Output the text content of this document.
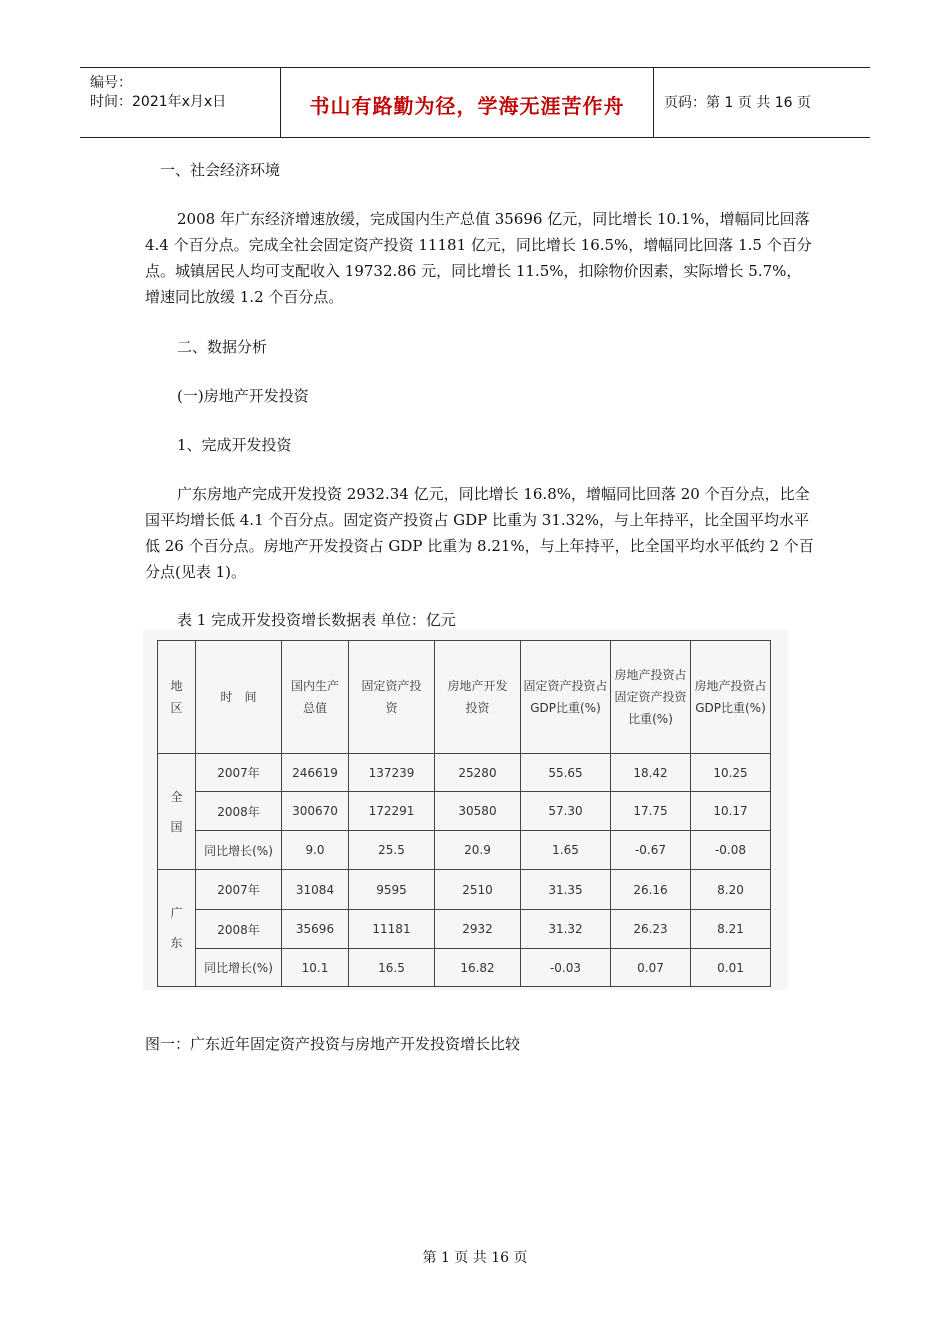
编号：
时间：2021年x月x日	书山有路勤为径，学海无涯苦作舟	页码：第 1 页 共 16 页
一、社会经济环境
2008 年广东经济增速放缓，完成国内生产总值 35696 亿元，同比增长 10.1%，增幅同比回落 4.4 个百分点。完成全社会固定资产投资 11181 亿元，同比增长 16.5%，增幅同比回落 1.5 个百分点。城镇居民人均可支配收入 19732.86 元，同比增长 11.5%，扣除物价因素，实际增长 5.7%，增速同比放缓 1.2 个百分点。
二、数据分析
(一)房地产开发投资
1、完成开发投资
广东房地产完成开发投资 2932.34 亿元，同比增长 16.8%，增幅同比回落 20 个百分点，比全国平均增长低 4.1 个百分点。固定资产投资占 GDP 比重为 31.32%，与上年持平，比全国平均水平低 26 个百分点。房地产开发投资占 GDP 比重为 8.21%，与上年持平，比全国平均水平低约 2 个百分点(见表 1)。
表 1 完成开发投资增长数据表 单位：亿元
地区	时　间	国内生产总值	固定资产投资	房地产开发投资	固定资产投资占GDP比重(%)	房地产投资占固定资产投资比重(%)	房地产投资占GDP比重(%)
全国	2007年	246619	137239	25280	55.65	18.42	10.25
	2008年	300670	172291	30580	57.30	17.75	10.17
	同比增长(%)	9.0	25.5	20.9	1.65	-0.67	-0.08
广东	2007年	31084	9595	2510	31.35	26.16	8.20
	2008年	35696	11181	2932	31.32	26.23	8.21
	同比增长(%)	10.1	16.5	16.82	-0.03	0.07	0.01
图一：广东近年固定资产投资与房地产开发投资增长比较
第 1 页 共 16 页
